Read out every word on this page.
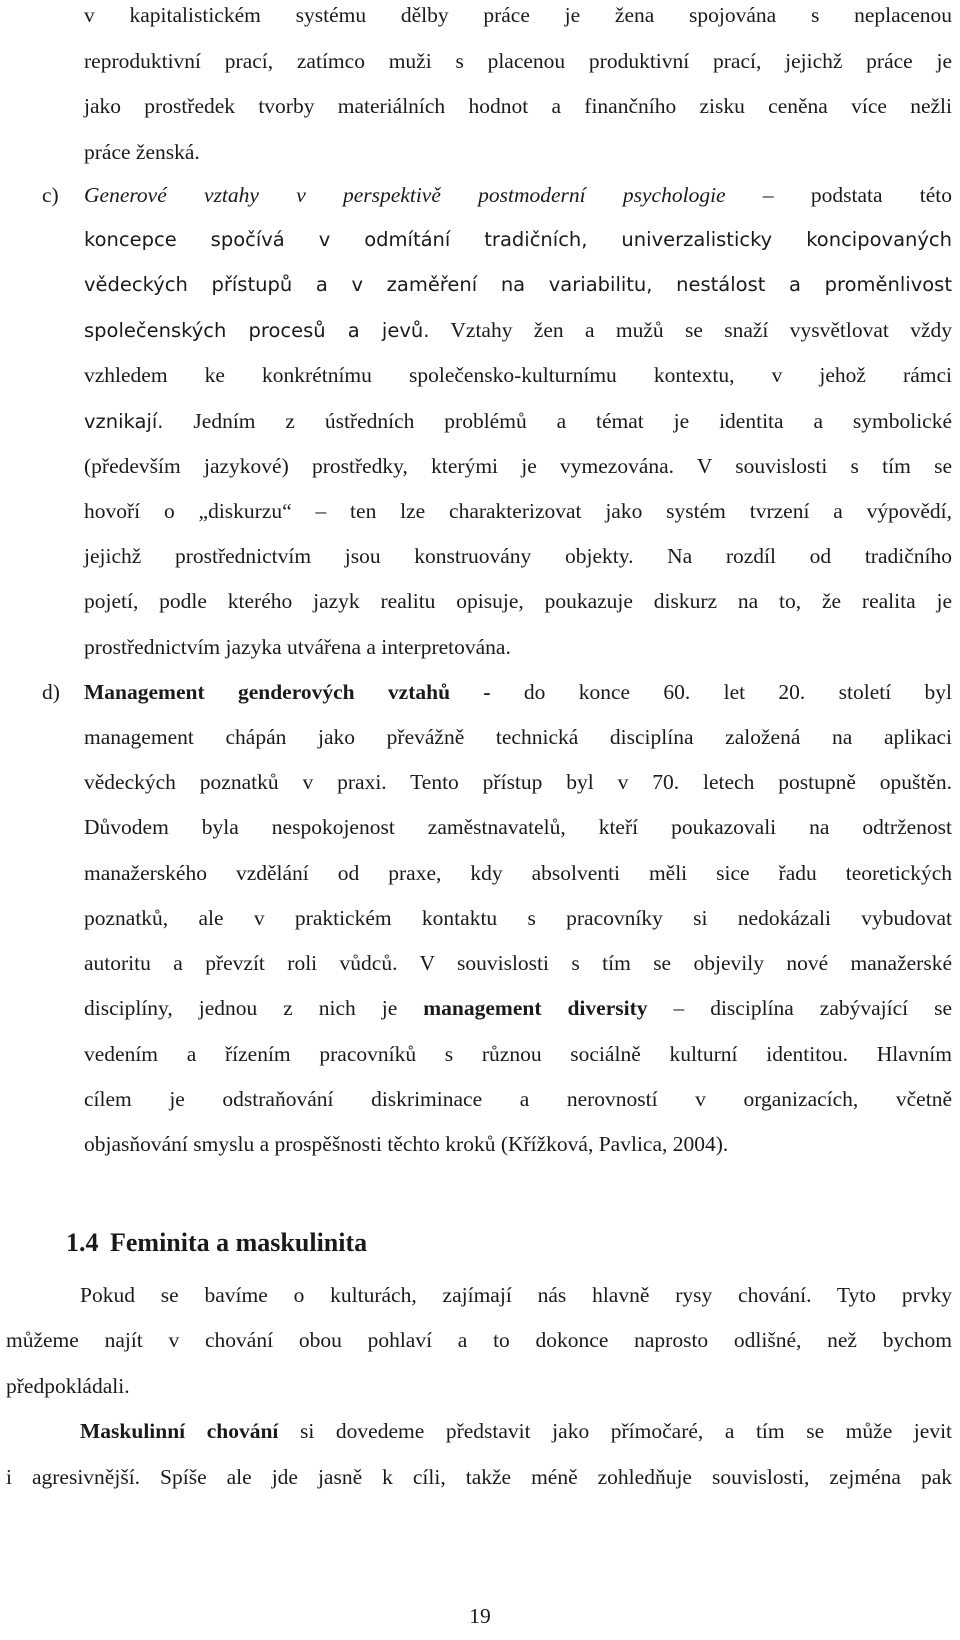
v kapitalistickém systému dělby práce je žena spojována s neplacenou
reproduktivní prací, zatímco muži s placenou produktivní prací, jejichž práce je
jako prostředek tvorby materiálních hodnot a finančního zisku ceněna více nežli
práce ženská.
c) Generové vztahy v perspektivě postmoderní psychologie – podstata této
koncepce spočívá v odmítání tradičních, univerzalisticky koncipovaných
vědeckých přístupů a v zaměření na variabilitu, nestálost a proměnlivost
společenských procesů a jevů. Vztahy žen a mužů se snaží vysvětlovat vždy
vzhledem ke konkrétnímu společensko-kulturnímu kontextu, v jehož rámci
vznikají. Jedním z ústředních problémů a témat je identita a symbolické
(především jazykové) prostředky, kterými je vymezována. V souvislosti s tím se
hovoří o „diskurzu“ – ten lze charakterizovat jako systém tvrzení a výpovědí,
jejichž prostřednictvím jsou konstruovány objekty. Na rozdíl od tradičního
pojetí, podle kterého jazyk realitu opisuje, poukazuje diskurz na to, že realita je
prostřednictvím jazyka utvářena a interpretována.
d) Management genderových vztahů - do konce 60. let 20. století byl
management chápán jako převážně technická disciplína založená na aplikaci
vědeckých poznatků v praxi. Tento přístup byl v 70. letech postupně opuštěn.
Důvodem byla nespokojenost zaměstnavatelů, kteří poukazovali na odtrženost
manažerského vzdělání od praxe, kdy absolventi měli sice řadu teoretických
poznatků, ale v praktickém kontaktu s pracovníky si nedokázali vybudovat
autoritu a převzít roli vůdců. V souvislosti s tím se objevily nové manažerské
disciplíny, jednou z nich je management diversity – disciplína zabývající se
vedením a řízením pracovníků s různou sociálně kulturní identitou. Hlavním
cílem je odstraňování diskriminace a nerovností v organizacích, včetně
objasňování smyslu a prospěšnosti těchto kroků (Křížková, Pavlica, 2004).
1.4 Feminita a maskulinita
Pokud se bavíme o kulturách, zajímají nás hlavně rysy chování. Tyto prvky
můžeme najít v chování obou pohlaví a to dokonce naprosto odlišné, než bychom
předpokládali.
Maskulinní chování si dovedeme představit jako přímočaré, a tím se může jevit
i agresivnější. Spíše ale jde jasně k cíli, takže méně zohledňuje souvislosti, zejména pak
19
